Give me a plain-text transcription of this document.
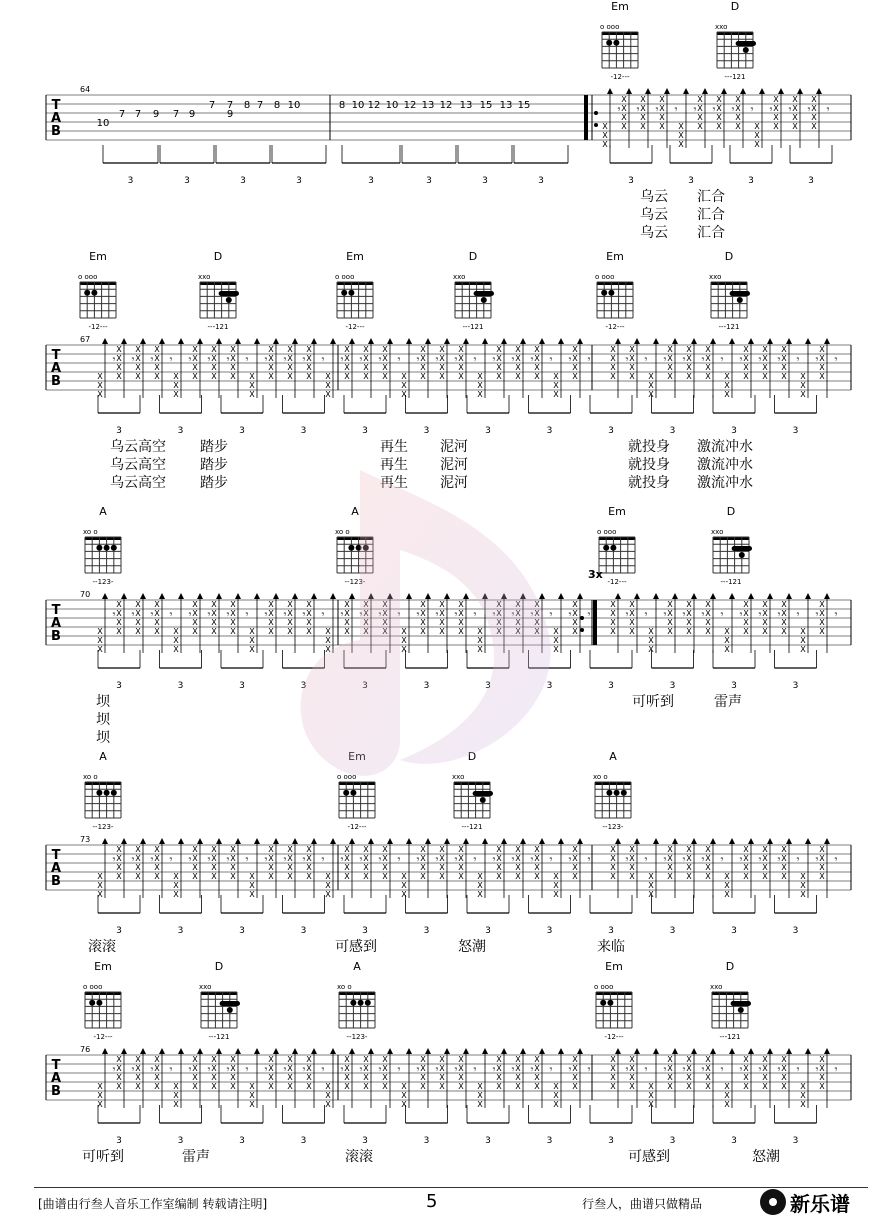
Em
o ooo
-12---
D
xxo
---121
64
T
A
B
7 7 8 7 8 10	8 10 12 10 12 13 12 13 15 13 15
7 7 9 7 9	9
10
3	3	3	3	3	3	3	3
X
X
X
𝄾
X
X
X
X
𝄾
X
X
X
X
𝄾
X
X
X
X
𝄾
X
X
X
𝄾
X
X
X
X
𝄾
X
X
X
X
𝄾
X
X
X
X
𝄾
X
X
X
𝄾
X
X
X
X
𝄾
X
X
X
X
𝄾
X
X
X
X
𝄾
3	3	3	3
乌云 汇合
乌云 汇合
乌云 汇合
Em
o ooo
-12---
D
xxo
---121
Em
o ooo
-12---
D
xxo
---121
Em
o ooo
-12---
D
xxo
---121
67
T
A
B	X
X
X
𝄾
X
X
X
X
𝄾
X
X
X
X
𝄾
X
X
X
X
𝄾
X
X
X
𝄾
X
X
X
X
𝄾
X
X
X
X
𝄾
X
X
X
X
𝄾
X
X
X
𝄾
X
X
X
X
𝄾
X
X
X
X
𝄾
X
X
X
X
𝄾
X
X
X
𝄾
X
X
X
X
𝄾
X
X
X
X
𝄾
X
X
X
X
𝄾
X
X
X
𝄾
X
X
X
X
𝄾
X
X
X
X
𝄾
X
X
X
X
𝄾
X
X
X
𝄾
X
X
X
X
𝄾
X
X
X
X
𝄾
X
X
X
X
𝄾
X
X
X
𝄾
X
X
X
X
𝄾
X
X
X
X
𝄾
X
X
X
X
𝄾
X
X
X
𝄾
X
X
X
X
𝄾
X
X
X
X
𝄾
X
X
X
X
𝄾
X
X
X
𝄾
X
X
X
X
𝄾
X
X
X
X
𝄾
X
X
X
X
𝄾
X
X
X
𝄾
X
X
X
X
𝄾
3	3	3	3	3	3	3	3	3	3	3	3
乌云高空 踏步	再生 泥河	就投身 激流冲水
乌云高空 踏步	再生 泥河	就投身 激流冲水
乌云高空 踏步	再生 泥河	就投身 激流冲水
A
xo o
--123-
A
xo o
--123-
Em
o ooo
-12---
D
xxo
---121
70
T
A
B
3x
X
X
X
𝄾
X
X
X
X
𝄾
X
X
X
X
𝄾
X
X
X
X
𝄾
X
X
X
𝄾
X
X
X
X
𝄾
X
X
X
X
𝄾
X
X
X
X
𝄾
X
X
X
𝄾
X
X
X
X
𝄾
X
X
X
X
𝄾
X
X
X
X
𝄾
X
X
X
𝄾
X
X
X
X
𝄾
X
X
X
X
𝄾
X
X
X
X
𝄾
X
X
X
𝄾
X
X
X
X
𝄾
X
X
X
X
𝄾
X
X
X
X
𝄾
X
X
X
𝄾
X
X
X
X
𝄾
X
X
X
X
𝄾
X
X
X
X
𝄾
X
X
X
𝄾
X
X
X
X
𝄾
X
X
X
X
𝄾
X
X
X
X
𝄾
X
X
X
𝄾
X
X
X
X
𝄾
X
X
X
X
𝄾
X
X
X
X
𝄾
X
X
X
𝄾
X
X
X
X
𝄾
X
X
X
X
𝄾
X
X
X
X
𝄾
X
X
X
𝄾
X
X
X
X
𝄾
3	3	3	3	3	3	3	3	3	3	3	3
坝	可听到	雷声
坝
坝
A
xo o
--123-
Em
o ooo
-12---
D
xxo
---121
A
xo o
--123-
73
T
A
B	X
X
X
𝄾
X
X
X
X
𝄾
X
X
X
X
𝄾
X
X
X
X
𝄾
X
X
X
𝄾
X
X
X
X
𝄾
X
X
X
X
𝄾
X
X
X
X
𝄾
X
X
X
𝄾
X
X
X
X
𝄾
X
X
X
X
𝄾
X
X
X
X
𝄾
X
X
X
𝄾
X
X
X
X
𝄾
X
X
X
X
𝄾
X
X
X
X
𝄾
X
X
X
𝄾
X
X
X
X
𝄾
X
X
X
X
𝄾
X
X
X
X
𝄾
X
X
X
𝄾
X
X
X
X
𝄾
X
X
X
X
𝄾
X
X
X
X
𝄾
X
X
X
𝄾
X
X
X
X
𝄾
X
X
X
X
𝄾
X
X
X
X
𝄾
X
X
X
𝄾
X
X
X
X
𝄾
X
X
X
X
𝄾
X
X
X
X
𝄾
X
X
X
𝄾
X
X
X
X
𝄾
X
X
X
X
𝄾
X
X
X
X
𝄾
X
X
X
𝄾
X
X
X
X
𝄾
3	3	3	3	3	3	3	3	3	3	3	3
滚滚	可感到	怒潮	来临
Em
o ooo
-12---
D
xxo
---121
A
xo o
--123-
Em
o ooo
-12---
D
xxo
---121
76
T
A
B	X
X
X
𝄾
X
X
X
X
𝄾
X
X
X
X
𝄾
X
X
X
X
𝄾
X
X
X
𝄾
X
X
X
X
𝄾
X
X
X
X
𝄾
X
X
X
X
𝄾
X
X
X
𝄾
X
X
X
X
𝄾
X
X
X
X
𝄾
X
X
X
X
𝄾
X
X
X
𝄾
X
X
X
X
𝄾
X
X
X
X
𝄾
X
X
X
X
𝄾
X
X
X
𝄾
X
X
X
X
𝄾
X
X
X
X
𝄾
X
X
X
X
𝄾
X
X
X
𝄾
X
X
X
X
𝄾
X
X
X
X
𝄾
X
X
X
X
𝄾
X
X
X
𝄾
X
X
X
X
𝄾
X
X
X
X
𝄾
X
X
X
X
𝄾
X
X
X
𝄾
X
X
X
X
𝄾
X
X
X
X
𝄾
X
X
X
X
𝄾
X
X
X
𝄾
X
X
X
X
𝄾
X
X
X
X
𝄾
X
X
X
X
𝄾
X
X
X
𝄾
X
X
X
X
𝄾
3	3	3	3	3	3	3	3	3	3	3	3
可听到	雷声	滚滚	可感到	怒潮
[曲谱由行叁人音乐工作室编制 转载请注明]	5	行叁人，曲谱只做精品	新乐谱
